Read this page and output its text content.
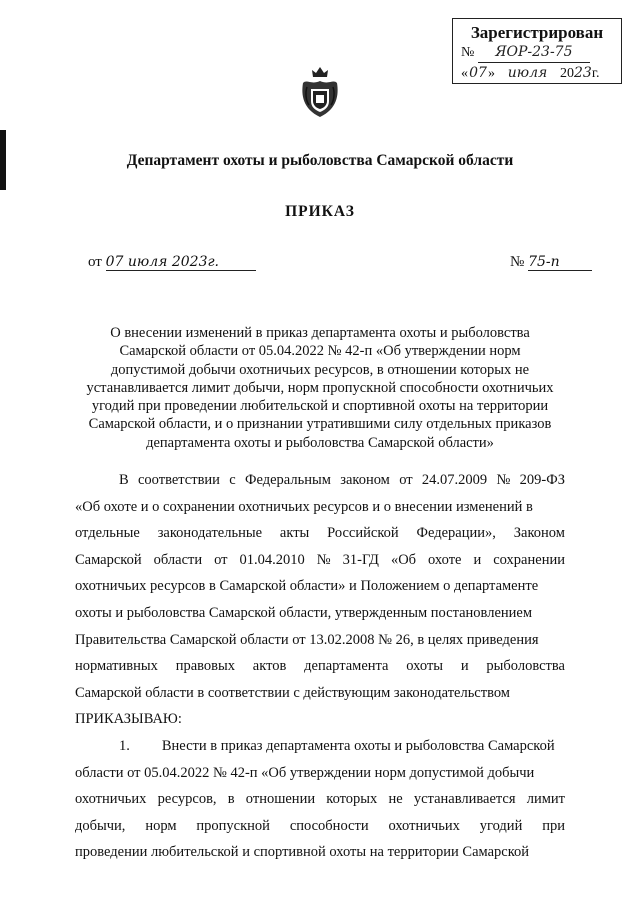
Зарегистрирован
№ ЯОР-23-75
«07» июля 2023г.
Департамент охоты и рыболовства Самарской области
ПРИКАЗ
от 07 июля 2023г.	№ 75-п
О внесении изменений в приказ департамента охоты и рыболовства
Самарской области от 05.04.2022 № 42-п «Об утверждении норм
допустимой добычи охотничьих ресурсов, в отношении которых не
устанавливается лимит добычи, норм пропускной способности охотничьих
угодий при проведении любительской и спортивной охоты на территории
Самарской области, и о признании утратившими силу отдельных приказов
департамента охоты и рыболовства Самарской области»
В соответствии с Федеральным законом от 24.07.2009 № 209-ФЗ
«Об охоте и о сохранении охотничьих ресурсов и о внесении изменений в
отдельные законодательные акты Российской Федерации», Законом
Самарской области от 01.04.2010 № 31-ГД «Об охоте и сохранении
охотничьих ресурсов в Самарской области» и Положением о департаменте
охоты и рыболовства Самарской области, утвержденным постановлением
Правительства Самарской области от 13.02.2008 № 26, в целях приведения
нормативных правовых актов департамента охоты и рыболовства
Самарской области в соответствии с действующим законодательством
ПРИКАЗЫВАЮ:
1. Внести в приказ департамента охоты и рыболовства Самарской
области от 05.04.2022 № 42-п «Об утверждении норм допустимой добычи
охотничьих ресурсов, в отношении которых не устанавливается лимит
добычи, норм пропускной способности охотничьих угодий при
проведении любительской и спортивной охоты на территории Самарской
